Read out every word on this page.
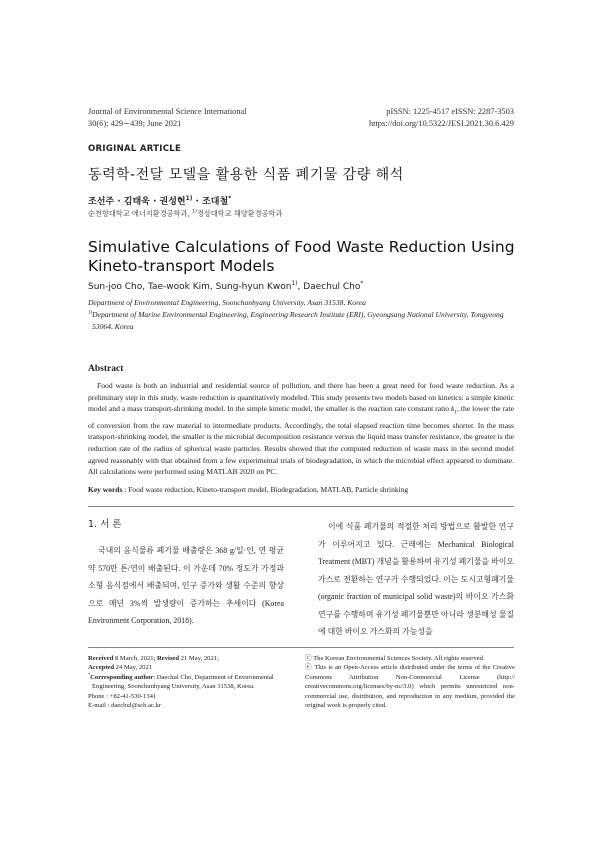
Journal of Environmental Science International
30(6); 429∼439; June 2021
pISSN: 1225-4517 eISSN: 2287-3503
https://doi.org/10.5322/JESI.2021.30.6.429
ORIGINAL ARTICLE
동력학-전달 모델을 활용한 식품 폐기물 감량 해석
조선주 · 김태욱 · 권성현$^{1)}$ · 조대철*
순천향대학교 에너지환경공학과, $^{1)}$경상대학교 해양환경공학과
Simulative Calculations of Food Waste Reduction Using Kineto-transport Models
Sun-joo Cho, Tae-wook Kim, Sung-hyun Kwon$^{1)}$, Daechul Cho*
Department of Environmental Engineering, Soonchunhyang University, Asan 31538, Korea
$^{1)}$Department of Marine Environmental Engineering, Engineering Research Institute (ERI), Gyeongsang National University, Tongyeong 53064, Korea
Abstract
Food waste is both an industrial and residential source of pollution, and there has been a great need for food waste reduction. As a preliminary step in this study, waste reduction is quantitatively modeled. This study presents two models based on kinetics: a simple kinetic model and a mass transport-shrinking model. In the simple kinetic model, the smaller is the reaction rate constant ratio $k_1$, the lower the rate of conversion from the raw material to intermediate products. Accordingly, the total elapsed reaction time becomes shorter. In the mass transport-shrinking model, the smaller is the microbial decomposition resistance versus the liquid mass transfer resistance, the greater is the reduction rate of the radius of spherical waste particles. Results showed that the computed reduction of waste mass in the second model agreed reasonably with that obtained from a few experimental trials of biodegradation, in which the microbial effect appeared to dominate. All calculations were performed using MATLAB 2020 on PC.
Key words : Food waste reduction, Kineto-transport model, Biodegradation, MATLAB, Particle shrinking
1. 서 론
국내의 음식물류 폐기물 배출량은 368 g/일·인, 연 평균 약 570만 톤/연이 배출된다. 이 가운데 70% 정도가 가정과 소형 음식점에서 배출되며, 인구 증가와 생활 수준의 향상으로 매년 3%씩 발생량이 증가하는 추세이다 (Korea Environment Corporation, 2018).
이에 식품 폐기물의 적절한 처리 방법으로 활발한 연구가 이루어지고 있다. 근래에는 Mechanical Biological Treatment (MBT) 개념을 활용하여 유기성 폐기물을 바이오 가스로 전환하는 연구가 수행되었다. 이는 도시고형폐기물(organic fraction of municipal solid waste)의 바이오 가스화 연구를 수행하며 유기성 폐기물뿐만 아니라 생분해성 물질에 대한 바이오 가스화의 가능성을
Received 8 March, 2021; Revised 21 May, 2021;
Accepted 24 May, 2021
*Corresponding author: Daechul Cho, Department of Environmental Engineering, Soonchunhyang University, Asan 31538, Korea.
Phone : +82-41-530-1341
E-mail : daechul@sch.ac.kr
ⓒ The Korean Environmental Sciences Society. All rights reserved.
ⓔ This is an Open-Access article distributed under the terms of the Creative Commons Attribution Non-Commercial License (http:// creativecommons.org/licenses/by-nc/3.0) which permits unrestricted non-commercial use, distribution, and reproduction in any medium, provided the original work is properly cited.
